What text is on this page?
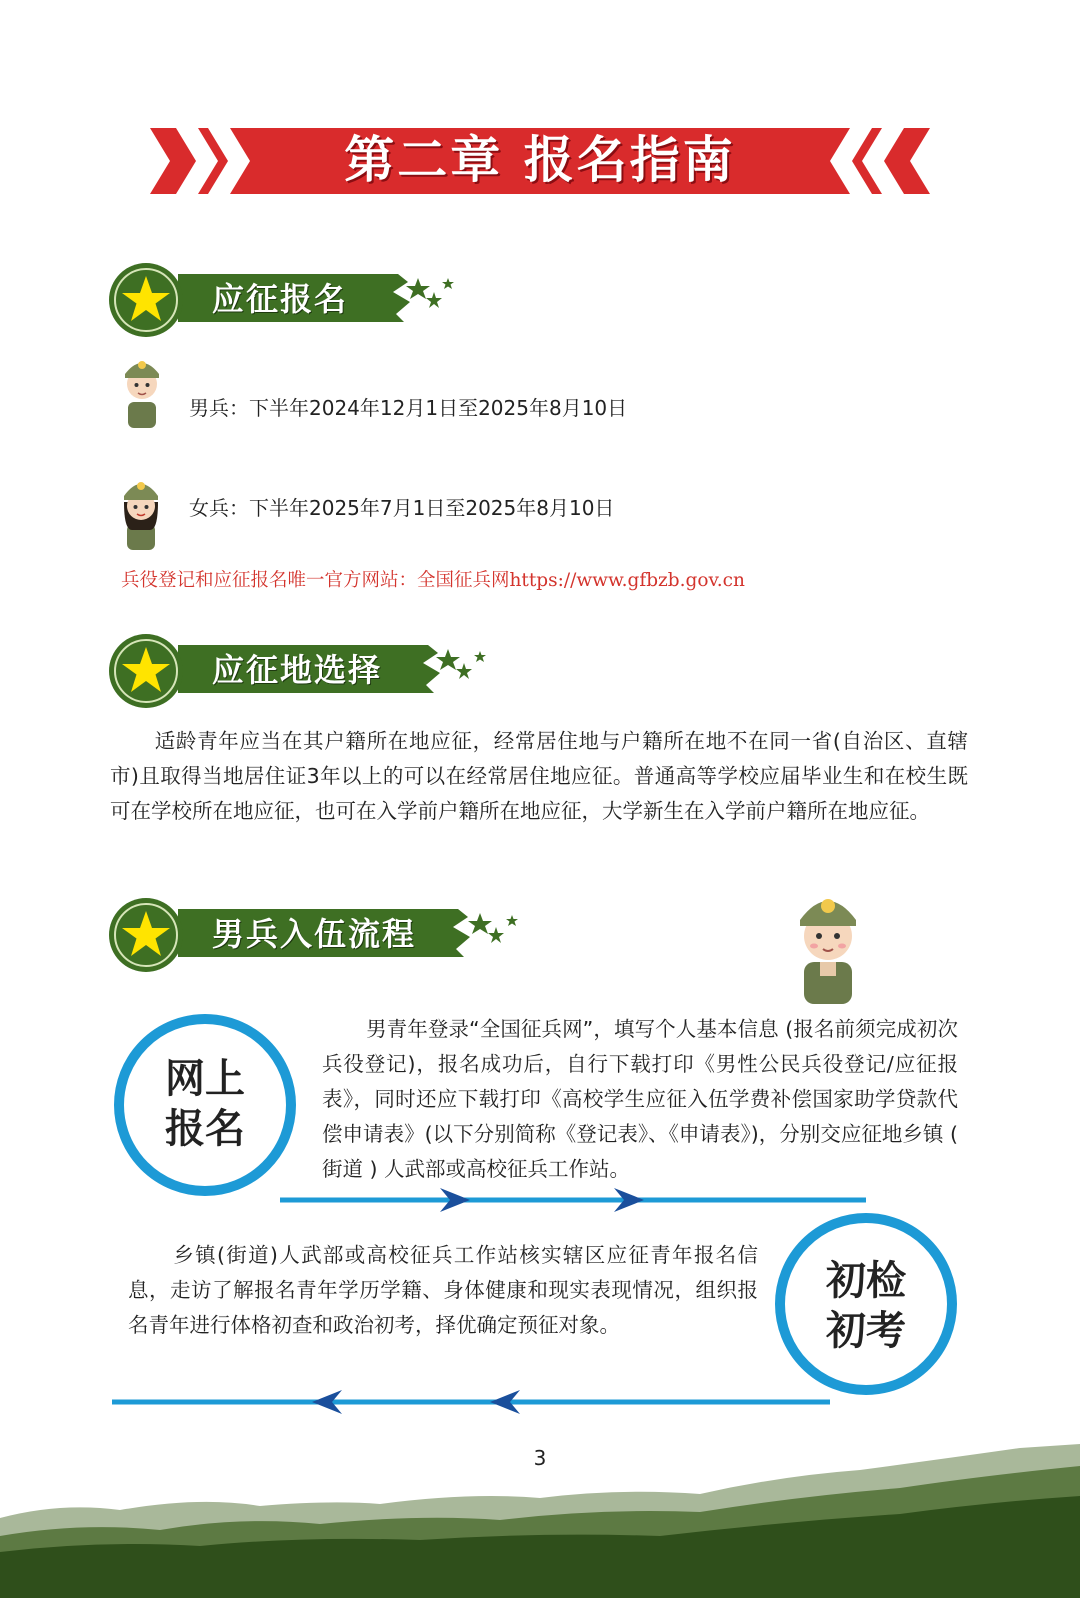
第二章 报名指南
应征报名
男兵：下半年2024年12月1日至2025年8月10日
女兵：下半年2025年7月1日至2025年8月10日
兵役登记和应征报名唯一官方网站：全国征兵网https://www.gfbzb.gov.cn
应征地选择
适龄青年应当在其户籍所在地应征，经常居住地与户籍所在地不在同一省(自治区、直辖市)且取得当地居住证3年以上的可以在经常居住地应征。普通高等学校应届毕业生和在校生既可在学校所在地应征，也可在入学前户籍所在地应征，大学新生在入学前户籍所在地应征。
男兵入伍流程
网上
报名
男青年登录“全国征兵网”，填写个人基本信息 (报名前须完成初次兵役登记)，报名成功后，自行下载打印《男性公民兵役登记/应征报表》，同时还应下载打印《高校学生应征入伍学费补偿国家助学贷款代偿申请表》(以下分别简称《登记表》、《申请表》)，分别交应征地乡镇 ( 街道 ) 人武部或高校征兵工作站。
初检
初考
乡镇(街道)人武部或高校征兵工作站核实辖区应征青年报名信息，走访了解报名青年学历学籍、身体健康和现实表现情况，组织报名青年进行体格初查和政治初考，择优确定预征对象。
3
